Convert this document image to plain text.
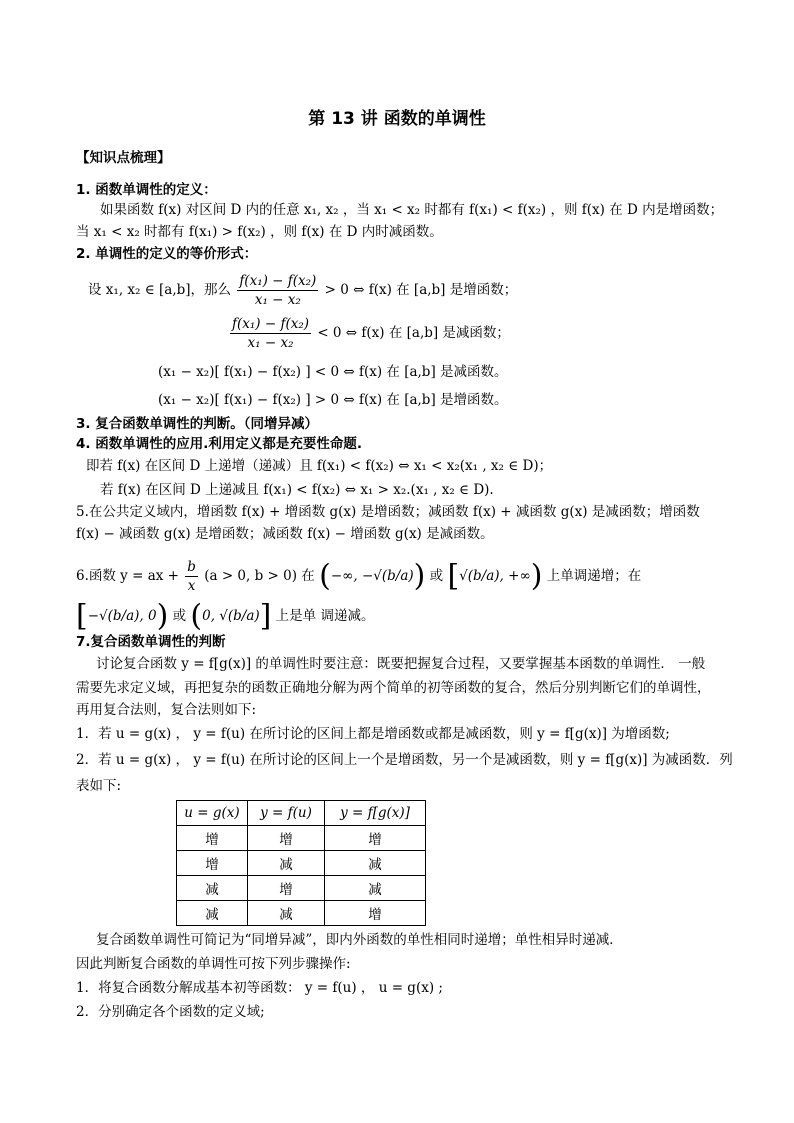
第 13 讲 函数的单调性
【知识点梳理】
1. 函数单调性的定义：
如果函数 f(x) 对区间 D 内的任意 x₁, x₂ ，当 x₁ < x₂ 时都有 f(x₁) < f(x₂) ，则 f(x) 在 D 内是增函数；
当 x₁ < x₂ 时都有 f(x₁) > f(x₂) ，则 f(x) 在 D 内时减函数。
2. 单调性的定义的等价形式：
设 x₁, x₂ ∈ [a,b]，那么 $\frac{\text{f(x₁) − f(x₂)}}{\text{x₁ − x₂}} > 0$ ⇔ f(x) 在 [a,b] 是增函数；
$\frac{\text{f(x₁) − f(x₂)}}{\text{x₁ − x₂}} < 0$ ⇔ f(x) 在 [a,b] 是减函数；
(x₁ − x₂)[ f(x₁) − f(x₂) ] < 0 ⇔ f(x) 在 [a,b] 是减函数。
(x₁ − x₂)[ f(x₁) − f(x₂) ] > 0 ⇔ f(x) 在 [a,b] 是增函数。
3. 复合函数单调性的判断。（同增异减）
4. 函数单调性的应用.利用定义都是充要性命题.
即若 f(x) 在区间 D 上递增（递减）且 f(x₁) < f(x₂) ⇔ x₁ < x₂(x₁ , x₂ ∈ D)；
若 f(x) 在区间 D 上递减且 f(x₁) < f(x₂) ⇔ x₁ > x₂.(x₁ , x₂ ∈ D).
5.在公共定义域内，增函数 f(x) + 增函数 g(x) 是增函数；减函数 f(x) + 减函数 g(x) 是减函数；增函数
f(x) − 减函数 g(x) 是增函数；减函数 f(x) − 增函数 g(x) 是减函数。
6.函数 y = ax + $\frac{b}{x} (a > 0$, b > 0) 在 (−∞, −√(b/a)) 或 [√(b/a), +∞) 上单调递增；在
[−√(b/a), 0) 或 (0, √(b/a)] 上是单 调递减。
7.复合函数单调性的判断
讨论复合函数 y = f[g(x)] 的单调性时要注意：既要把握复合过程，又要掌握基本函数的单调性． 一般
需要先求定义域，再把复杂的函数正确地分解为两个简单的初等函数的复合，然后分别判断它们的单调性，
再用复合法则，复合法则如下:
1．若 u = g(x) ， y = f(u) 在所讨论的区间上都是增函数或都是减函数，则 y = f[g(x)] 为增函数;
2．若 u = g(x) ， y = f(u) 在所讨论的区间上一个是增函数，另一个是减函数，则 y = f[g(x)] 为减函数．列
表如下:
u = g(x)	y = f(u)	y = f[g(x)]
增	增	增
增	减	减
减	增	减
减	减	增
复合函数单调性可简记为“同增异减”，即内外函数的单性相同时递增；单性相异时递减．
因此判断复合函数的单调性可按下列步骤操作:
1．将复合函数分解成基本初等函数： y = f(u) ， u = g(x) ;
2．分别确定各个函数的定义域;
